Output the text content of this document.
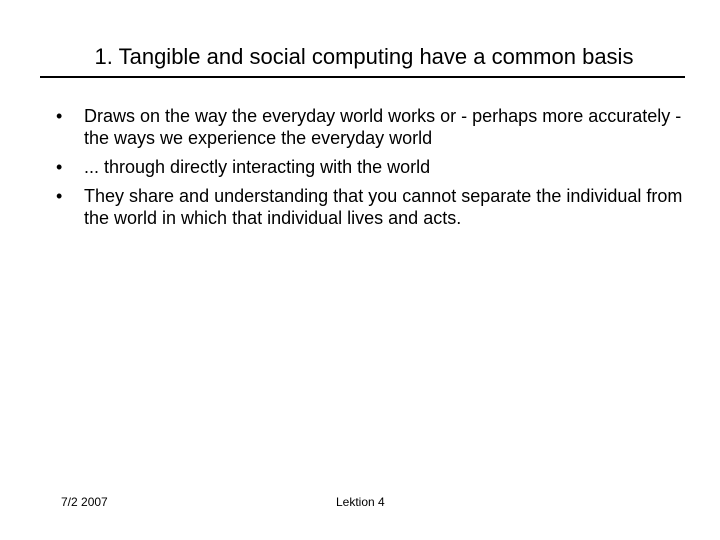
1. Tangible and social computing have a common basis
• Draws on the way the everyday world works or - perhaps more accurately - the ways we experience the everyday world
• ... through directly interacting with the world
• They share and understanding that you cannot separate the individual from the world in which that individual lives and acts.
7/2 2007	Lektion 4
